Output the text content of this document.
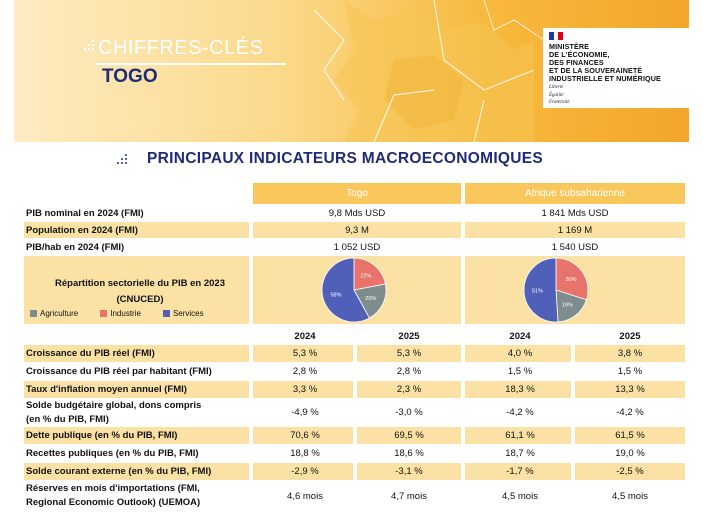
CHIFFRES-CLÉS
TOGO
MINISTÈRE
DE L'ÉCONOMIE,
DES FINANCES
ET DE LA SOUVERAINETÉ
INDUSTRIELLE ET NUMÉRIQUE
Liberté
Égalité
Fraternité
PRINCIPAUX INDICATEURS MACROECONOMIQUES
Togo	Afrique subsaharienne
PIB nominal en 2024 (FMI)	9,8 Mds USD	1 841 Mds USD
Population en 2024 (FMI)	9,3 M	1 169 M
PIB/hab en 2024 (FMI)	1 052 USD	1 540 USD
Répartition sectorielle du PIB en 2023
(CNUCED)
Agriculture	Industrie	Services
22%
20%
58%
30%
19%
51%
2024	2025	2024	2025
Croissance du PIB réel (FMI)	5,3 %	5,3 %	4,0 %	3,8 %
Croissance du PIB réel par habitant (FMI)	2,8 %	2,8 %	1,5 %	1,5 %
Taux d'inflation moyen annuel (FMI)	3,3 %	2,3 %	18,3 %	13,3 %
Solde budgétaire global, dons compris
(en % du PIB, FMI)
-4,9 %	-3,0 %	-4,2 %	-4,2 %
Dette publique (en % du PIB, FMI)	70,6 %	69,5 %	61,1 %	61,5 %
Recettes publiques (en % du PIB, FMI)	18,8 %	18,6 %	18,7 %	19,0 %
Solde courant externe (en % du PIB, FMI)	-2,9 %	-3,1 %	-1,7 %	-2,5 %
Réserves en mois d'importations (FMI,
Regional Economic Outlook) (UEMOA)
4,6 mois	4,7 mois	4,5 mois	4,5 mois
